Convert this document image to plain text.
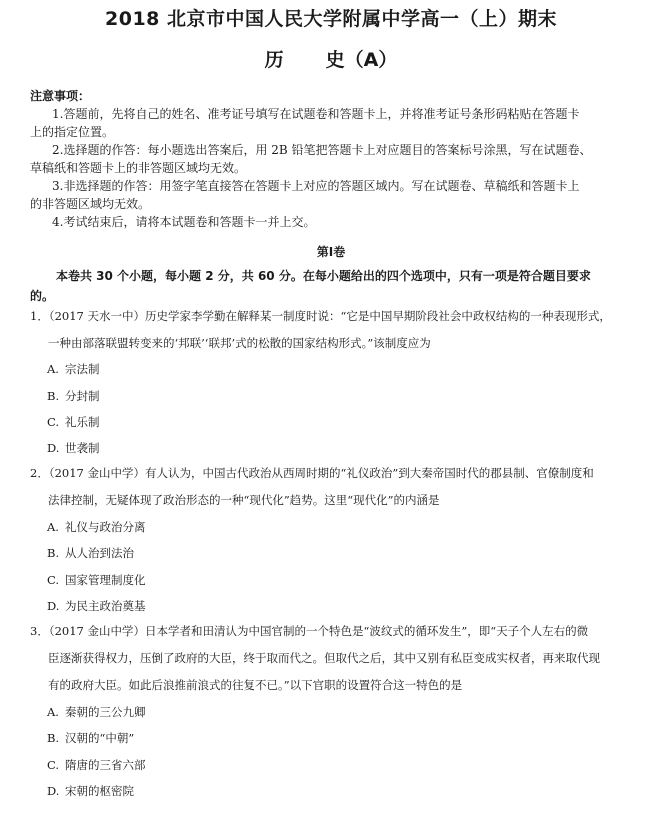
2018 北京市中国人民大学附属中学高一（上）期末
历 史（A）
注意事项：
1.答题前，先将自己的姓名、准考证号填写在试题卷和答题卡上，并将准考证号条形码粘贴在答题卡
上的指定位置。
2.选择题的作答：每小题选出答案后，用 2B 铅笔把答题卡上对应题目的答案标号涂黑，写在试题卷、
草稿纸和答题卡上的非答题区域均无效。
3.非选择题的作答：用签字笔直接答在答题卡上对应的答题区域内。写在试题卷、草稿纸和答题卡上
的非答题区域均无效。
4.考试结束后，请将本试题卷和答题卡一并上交。
第Ⅰ卷
本卷共 30 个小题，每小题 2 分，共 60 分。在每小题给出的四个选项中，只有一项是符合题目要求
的。
1．（2017 天水一中）历史学家李学勤在解释某一制度时说：“它是中国早期阶段社会中政权结构的一种表现形式，
一种由部落联盟转变来的‘邦联’‘联邦’式的松散的国家结构形式。”该制度应为
A. 宗法制
B. 分封制
C. 礼乐制
D. 世袭制
2．（2017 金山中学）有人认为，中国古代政治从西周时期的“礼仪政治”到大秦帝国时代的郡县制、官僚制度和
法律控制，无疑体现了政治形态的一种“现代化”趋势。这里“现代化”的内涵是
A. 礼仪与政治分离
B. 从人治到法治
C. 国家管理制度化
D. 为民主政治奠基
3．（2017 金山中学）日本学者和田清认为中国官制的一个特色是“波纹式的循环发生”，即“天子个人左右的微
臣逐渐获得权力，压倒了政府的大臣，终于取而代之。但取代之后，其中又别有私臣变成实权者，再来取代现
有的政府大臣。如此后浪推前浪式的往复不已。”以下官职的设置符合这一特色的是
A. 秦朝的三公九卿
B. 汉朝的“中朝”
C. 隋唐的三省六部
D. 宋朝的枢密院
